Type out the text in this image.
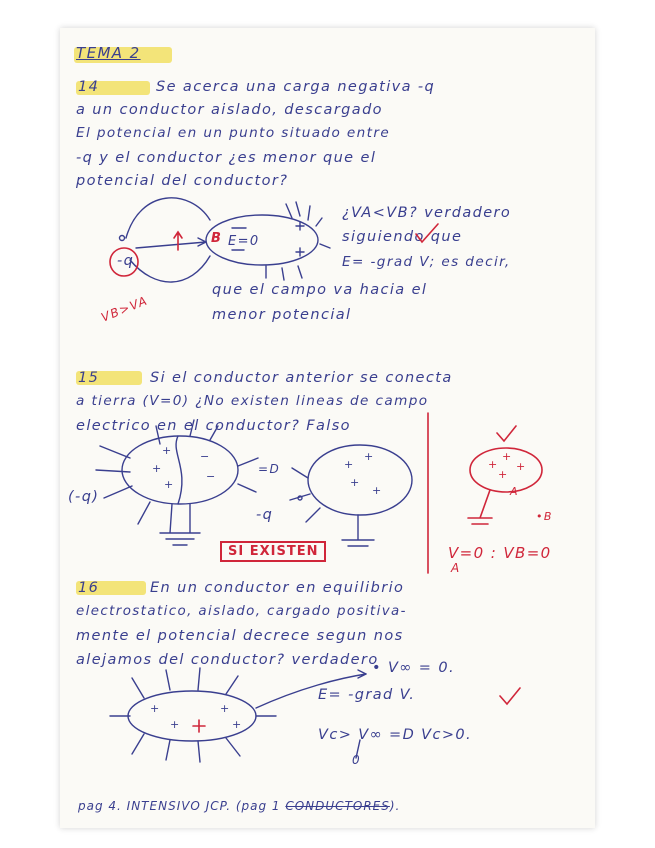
TEMA 2
14	Se acerca una carga negativa -q
a un conductor aislado, descargado
El potencial en un punto situado entre
-q y el conductor ¿es menor que el
potencial del conductor?
¿VA<VB? verdadero
siguiendo que
E= -grad V; es decir,
que el campo va hacia el
menor potencial
VB>VA
-q
E=0
B
15	Si el conductor anterior se conecta
a tierra (V=0) ¿No existen lineas de campo
electrico en el conductor? Falso
(-q)
=D
-q
SI EXISTEN	V=0 : VB=0
A
A
•B
16	En un conductor en equilibrio
electrostatico, aislado, cargado positiva-
mente el potencial decrece segun nos
alejamos del conductor? verdadero
• V∞ = 0.
E= -grad V.
Vc> V∞ =D Vc>0.
0
pag 4. INTENSIVO JCP. (pag 1 CONDUCTORES).
+
+
+	−
−
+
+
+
+
+
+
+
+
+
+
+
+
